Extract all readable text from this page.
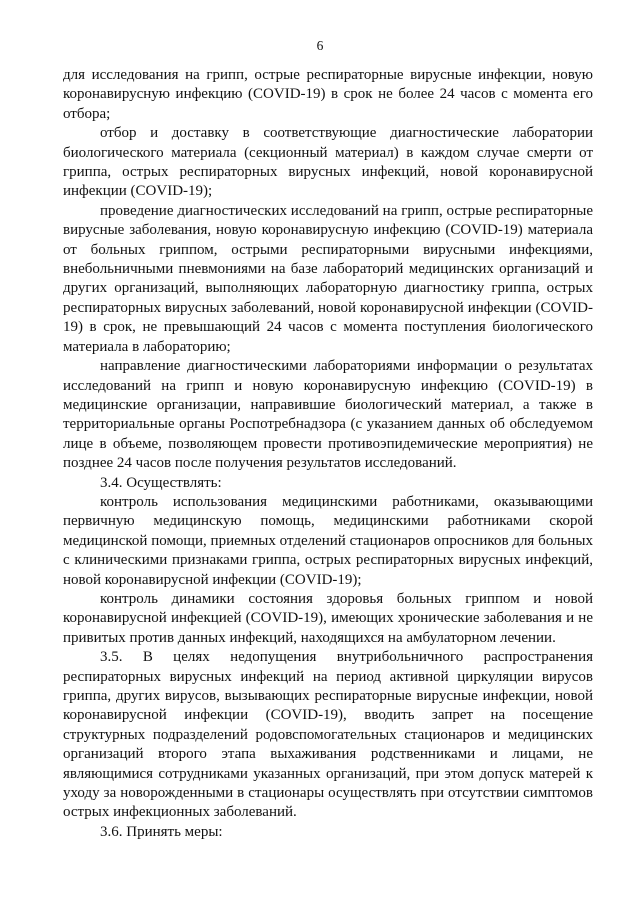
6

для исследования на грипп, острые респираторные вирусные инфекции, новую коронавирусную инфекцию (COVID-19) в срок не более 24 часов с момента его отбора;

отбор и доставку в соответствующие диагностические лаборатории биологического материала (секционный материал) в каждом случае смерти от гриппа, острых респираторных вирусных инфекций, новой коронавирусной инфекции (COVID-19);

проведение диагностических исследований на грипп, острые респираторные вирусные заболевания, новую коронавирусную инфекцию (COVID-19) материала от больных гриппом, острыми респираторными вирусными инфекциями, внебольничными пневмониями на базе лабораторий медицинских организаций и других организаций, выполняющих лабораторную диагностику гриппа, острых респираторных вирусных заболеваний, новой коронавирусной инфекции (COVID-19) в срок, не превышающий 24 часов с момента поступления биологического материала в лабораторию;

направление диагностическими лабораториями информации о результатах исследований на грипп и новую коронавирусную инфекцию (COVID-19) в медицинские организации, направившие биологический материал, а также в территориальные органы Роспотребнадзора (с указанием данных об обследуемом лице в объеме, позволяющем провести противоэпидемические мероприятия) не позднее 24 часов после получения результатов исследований.

3.4. Осуществлять:

контроль использования медицинскими работниками, оказывающими первичную медицинскую помощь, медицинскими работниками скорой медицинской помощи, приемных отделений стационаров опросников для больных с клиническими признаками гриппа, острых респираторных вирусных инфекций, новой коронавирусной инфекции (COVID-19);

контроль динамики состояния здоровья больных гриппом и новой коронавирусной инфекцией (COVID-19), имеющих хронические заболевания и не привитых против данных инфекций, находящихся на амбулаторном лечении.

3.5. В целях недопущения внутрибольничного распространения респираторных вирусных инфекций на период активной циркуляции вирусов гриппа, других вирусов, вызывающих респираторные вирусные инфекции, новой коронавирусной инфекции (COVID-19), вводить запрет на посещение структурных подразделений родовспомогательных стационаров и медицинских организаций второго этапа выхаживания родственниками и лицами, не являющимися сотрудниками указанных организаций, при этом допуск матерей к уходу за новорожденными в стационары осуществлять при отсутствии симптомов острых инфекционных заболеваний.

3.6. Принять меры:
